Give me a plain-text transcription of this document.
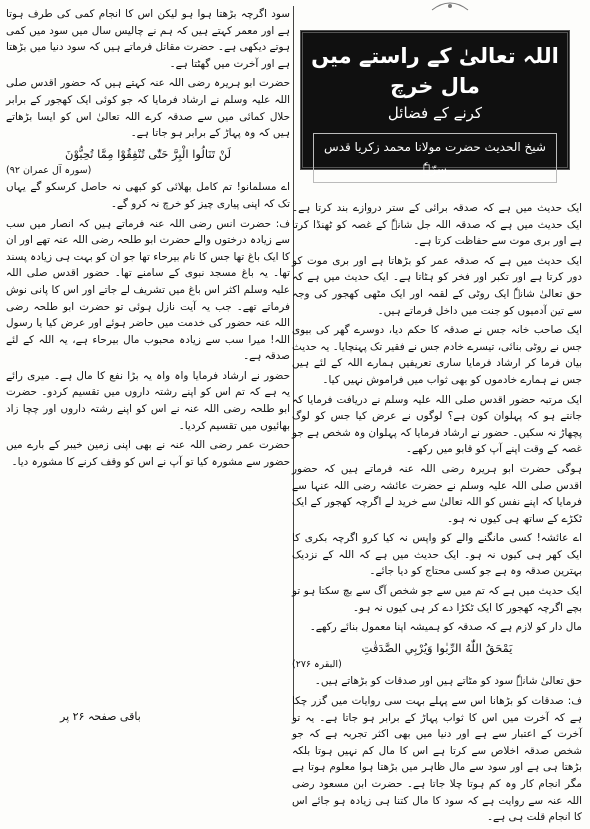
اللہ تعالیٰ کے راستے میں مال خرچ
کرنے کے فضائل
شیخ الحدیث حضرت مولانا محمد زکریا قدس سرّہٗ

ایک حدیث میں ہے کہ صدقہ برائی کے ستر دروازے بند کرتا ہے۔ ایک حدیث میں ہے کہ صدقہ اللہ جل شانہٗ کے غصہ کو ٹھنڈا کرتا ہے اور بری موت سے حفاظت کرتا ہے۔

ایک حدیث میں ہے کہ صدقہ عمر کو بڑھاتا ہے اور بری موت کو دور کرتا ہے اور تکبر اور فخر کو ہٹاتا ہے۔ ایک حدیث میں ہے کہ حق تعالیٰ شانہٗ ایک روٹی کے لقمہ اور ایک مٹھی کھجور کی وجہ سے تین آدمیوں کو جنت میں داخل فرماتے ہیں۔

ایک صاحب خانہ جس نے صدقہ کا حکم دیا، دوسرے گھر کی بیوی جس نے روٹی بنائی، تیسرے خادم جس نے فقیر تک پہنچایا۔ یہ حدیث بیان فرما کر ارشاد فرمایا ساری تعریفیں ہمارے اللہ کے لئے ہیں جس نے ہمارے خادموں کو بھی ثواب میں فراموش نہیں کیا۔

ایک مرتبہ حضور اقدس صلی اللہ علیہ وسلم نے دریافت فرمایا کہ جانتے ہو کہ پہلوان کون ہے؟ لوگوں نے عرض کیا جس کو لوگ پچھاڑ نہ سکیں۔ حضور نے ارشاد فرمایا کہ پہلوان وہ شخص ہے جو غصہ کے وقت اپنے آپ کو قابو میں رکھے۔

ہوگی حضرت ابو ہریرہ رضی اللہ عنہ فرماتے ہیں کہ حضور اقدس صلی اللہ علیہ وسلم نے حضرت عائشہ رضی اللہ عنہا سے فرمایا کہ اپنے نفس کو اللہ تعالیٰ سے خرید لے اگرچہ کھجور کے ایک ٹکڑے کے ساتھ ہی کیوں نہ ہو۔

اے عائشہ! کسی مانگنے والے کو واپس نہ کیا کرو اگرچہ بکری کا ایک کھر ہی کیوں نہ ہو۔ ایک حدیث میں ہے کہ اللہ کے نزدیک بہترین صدقہ وہ ہے جو کسی محتاج کو دیا جائے۔

ایک حدیث میں ہے کہ تم میں سے جو شخص آگ سے بچ سکتا ہو تو بچے اگرچہ کھجور کا ایک ٹکڑا دے کر ہی کیوں نہ ہو۔

مال دار کو لازم ہے کہ صدقہ کو ہمیشہ اپنا معمول بنائے رکھے۔

يَمْحَقُ اللّٰهُ الرِّبٰوا وَيُرْبِي الصَّدَقٰتِ
(البقرہ ۲۷۶)

حق تعالیٰ شانہٗ سود کو مٹاتے ہیں اور صدقات کو بڑھاتے ہیں۔

ف: صدقات کو بڑھانا اس سے پہلے بہت سی روایات میں گزر چکا ہے کہ آخرت میں اس کا ثواب پہاڑ کے برابر ہو جاتا ہے۔ یہ تو آخرت کے اعتبار سے ہے اور دنیا میں بھی اکثر تجربہ ہے کہ جو شخص صدقہ اخلاص سے کرتا ہے اس کا مال کم نہیں ہوتا بلکہ بڑھتا ہی ہے اور سود سے مال ظاہر میں بڑھتا ہوا معلوم ہوتا ہے مگر انجام کار وہ کم ہوتا چلا جاتا ہے۔ حضرت ابن مسعود رضی اللہ عنہ سے روایت ہے کہ سود کا مال کتنا ہی زیادہ ہو جائے اس کا انجام قلت ہی ہے۔

سود اگرچہ بڑھتا ہوا ہو لیکن اس کا انجام کمی کی طرف ہوتا ہے اور معمر کہتے ہیں کہ ہم نے چالیس سال میں سود میں کمی ہوتے دیکھی ہے۔ حضرت مقاتل فرماتے ہیں کہ سود دنیا میں بڑھتا ہے اور آخرت میں گھٹتا ہے۔

حضرت ابو ہریرہ رضی اللہ عنہ کہتے ہیں کہ حضور اقدس صلی اللہ علیہ وسلم نے ارشاد فرمایا کہ جو کوئی ایک کھجور کے برابر حلال کمائی میں سے صدقہ کرے اللہ تعالیٰ اس کو ایسا بڑھاتے ہیں کہ وہ پہاڑ کے برابر ہو جاتا ہے۔

لَنْ تَنَالُوا الْبِرَّ حَتّٰى تُنْفِقُوْا مِمَّا تُحِبُّوْنَ
(سورہ آل عمران ۹۲)

اے مسلمانو! تم کامل بھلائی کو کبھی نہ حاصل کرسکو گے یہاں تک کہ اپنی پیاری چیز کو خرچ نہ کرو گے۔

ف: حضرت انس رضی اللہ عنہ فرماتے ہیں کہ انصار میں سب سے زیادہ درختوں والے حضرت ابو طلحہ رضی اللہ عنہ تھے اور ان کا ایک باغ تھا جس کا نام بیرحاء تھا جو ان کو بہت ہی زیادہ پسند تھا۔ یہ باغ مسجد نبوی کے سامنے تھا۔ حضور اقدس صلی اللہ علیہ وسلم اکثر اس باغ میں تشریف لے جاتے اور اس کا پانی نوش فرماتے تھے۔ جب یہ آیت نازل ہوئی تو حضرت ابو طلحہ رضی اللہ عنہ حضور کی خدمت میں حاضر ہوئے اور عرض کیا یا رسول اللہ! میرا سب سے زیادہ محبوب مال بیرحاء ہے، یہ اللہ کے لئے صدقہ ہے۔

حضور نے ارشاد فرمایا واہ واہ یہ بڑا نفع کا مال ہے۔ میری رائے یہ ہے کہ تم اس کو اپنے رشتہ داروں میں تقسیم کردو۔ حضرت ابو طلحہ رضی اللہ عنہ نے اس کو اپنے رشتہ داروں اور چچا زاد بھائیوں میں تقسیم کردیا۔

حضرت عمر رضی اللہ عنہ نے بھی اپنی زمین خیبر کے بارے میں حضور سے مشورہ کیا تو آپ نے اس کو وقف کرنے کا مشورہ دیا۔

باقی صفحہ ۲۶ پر
